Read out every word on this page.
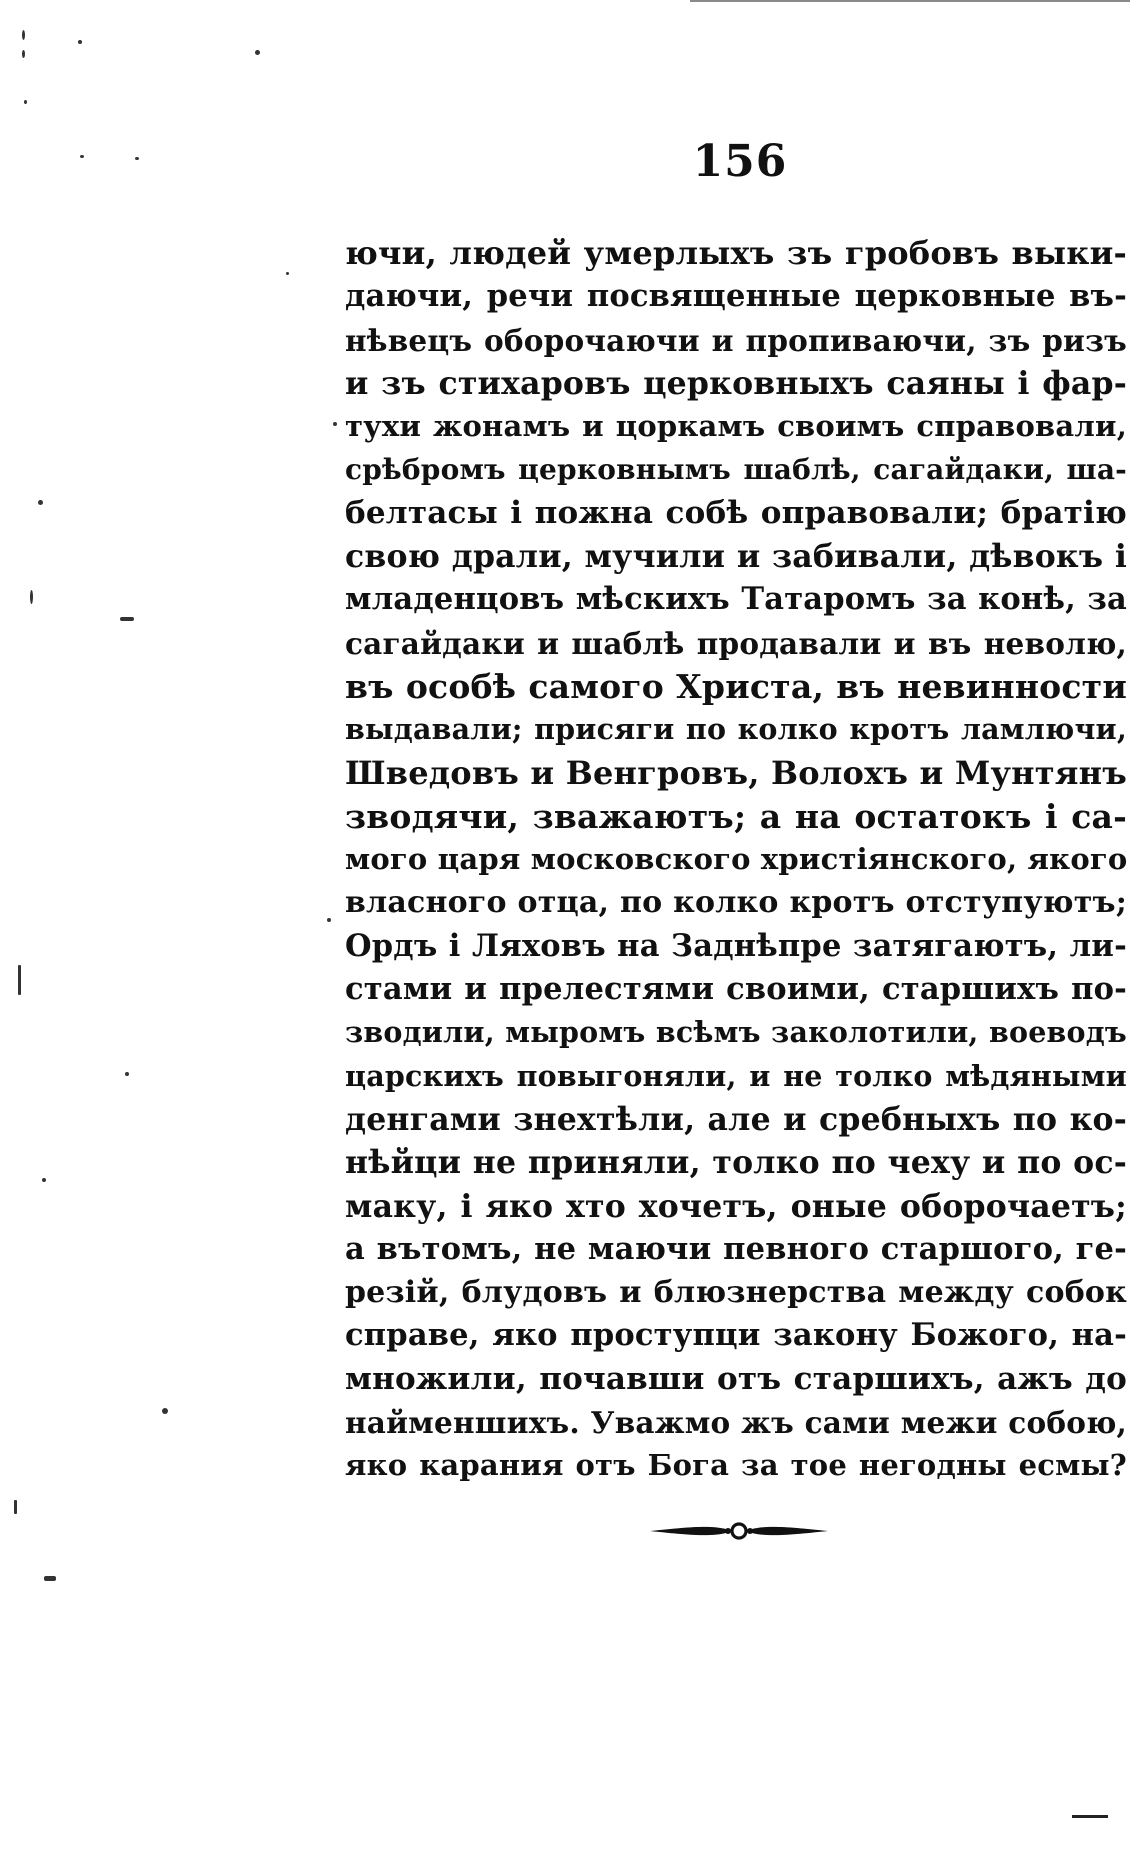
156
ючи, людей умерлыхъ зъ гробовъ выки-
даючи, речи посвященные церковные въ-
нѣвецъ оборочаючи и пропиваючи, зъ ризъ
и зъ стихаровъ церковныхъ саяны і фар-
тухи жонамъ и цоркамъ своимъ справовали,
срѣбромъ церковнымъ шаблѣ, сагайдаки, ша-
белтасы і пожна собѣ оправовали; братію
свою драли, мучили и забивали, дѣвокъ і
младенцовъ мѣскихъ Татаромъ за конѣ, за
сагайдаки и шаблѣ продавали и въ неволю,
въ особѣ самого Христа, въ невинности
выдавали; присяги по колко кротъ ламлючи,
Шведовъ и Венгровъ, Волохъ и Мунтянъ
зводячи, зважаютъ; а на остатокъ і са-
мого царя московского христіянского, якого
власного отца, по колко кротъ отступуютъ;
Ордъ і Ляховъ на Заднѣпре затягаютъ, ли-
стами и прелестями своими, старшихъ по-
зводили, мыромъ всѣмъ заколотили, воеводъ
царскихъ повыгоняли, и не толко мѣдяными
денгами знехтѣли, але и сребныхъ по ко-
нѣйци не приняли, толко по чеху и по ос-
маку, і яко хто хочетъ, оные оборочаетъ;
а вътомъ, не маючи певного старшого, ге-
резій, блудовъ и блюзнерства между собок
справе, яко проступци закону Божого, на-
множили, почавши отъ старшихъ, ажъ до
найменшихъ. Уважмо жъ сами межи собою,
яко карания отъ Бога за тое негодны есмы?
